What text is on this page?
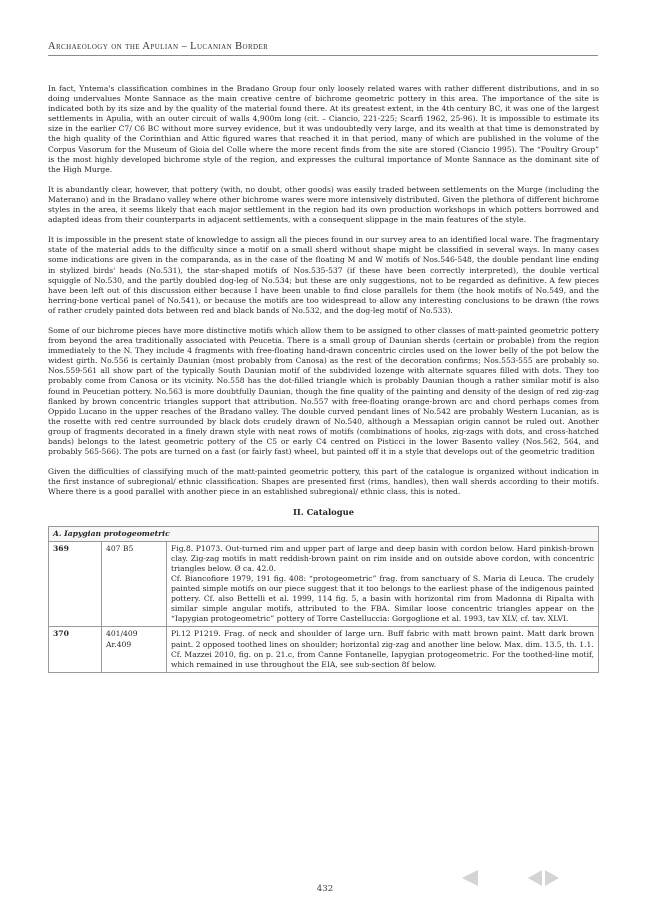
Archaeology on the Apulian – Lucanian Border

In fact, Yntema's classification combines in the Bradano Group four only loosely related wares with rather different distributions, and in so doing undervalues Monte Sannace as the main creative centre of bichrome geometric pottery in this area. The importance of the site is indicated both by its size and by the quality of the material found there. At its greatest extent, in the 4th century BC, it was one of the largest settlements in Apulia, with an outer circuit of walls 4,900m long (cit. – Ciancio, 221-225; Scarfì 1962, 25-96). It is impossible to estimate its size in the earlier C7/ C6 BC without more survey evidence, but it was undoubtedly very large, and its wealth at that time is demonstrated by the high quality of the Corinthian and Attic figured wares that reached it in that period, many of which are published in the volume of the Corpus Vasorum for the Museum of Gioia del Colle where the more recent finds from the site are stored (Ciancio 1995). The “Poultry Group” is the most highly developed bichrome style of the region, and expresses the cultural importance of Monte Sannace as the dominant site of the High Murge.

It is abundantly clear, however, that pottery (with, no doubt, other goods) was easily traded between settlements on the Murge (including the Materano) and in the Bradano valley where other bichrome wares were more intensively distributed. Given the plethora of different bichrome styles in the area, it seems likely that each major settlement in the region had its own production workshops in which potters borrowed and adapted ideas from their counterparts in adjacent settlements, with a consequent slippage in the main features of the style.

It is impossible in the present state of knowledge to assign all the pieces found in our survey area to an identified local ware. The fragmentary state of the material adds to the difficulty since a motif on a small sherd without shape might be classified in several ways. In many cases some indications are given in the comparanda, as in the case of the floating M and W motifs of Nos.546-548, the double pendant line ending in stylized birds' heads (No.531), the star-shaped motifs of Nos.535-537 (if these have been correctly interpreted), the double vertical squiggle of No.530, and the partly doubled dog-leg of No.534; but these are only suggestions, not to be regarded as definitive. A few pieces have been left out of this discussion either because I have been unable to find close parallels for them (the hook motifs of No.549, and the herring-bone vertical panel of No.541), or because the motifs are too widespread to allow any interesting conclusions to be drawn (the rows of rather crudely painted dots between red and black bands of No.532, and the dog-leg motif of No.533).

Some of our bichrome pieces have more distinctive motifs which allow them to be assigned to other classes of matt-painted geometric pottery from beyond the area traditionally associated with Peucetia. There is a small group of Daunian sherds (certain or probable) from the region immediately to the N. They include 4 fragments with free-floating hand-drawn concentric circles used on the lower belly of the pot below the widest girth. No.556 is certainly Daunian (most probably from Canosa) as the rest of the decoration confirms; Nos.553-555 are probably so. Nos.559-561 all show part of the typically South Daunian motif of the subdivided lozenge with alternate squares filled with dots. They too probably come from Canosa or its vicinity. No.558 has the dot-filled triangle which is probably Daunian though a rather similar motif is also found in Peucetian pottery. No.563 is more doubtfully Daunian, though the fine quality of the painting and density of the design of red zig-zag flanked by brown concentric triangles support that attribution. No.557 with free-floating orange-brown arc and chord perhaps comes from Oppido Lucano in the upper reaches of the Bradano valley. The double curved pendant lines of No.542 are probably Western Lucanian, as is the rosette with red centre surrounded by black dots crudely drawn of No.540, although a Messapian origin cannot be ruled out. Another group of fragments decorated in a finely drawn style with neat rows of motifs (combinations of hooks, zig-zags with dots, and cross-hatched bands) belongs to the latest geometric pottery of the C5 or early C4 centred on Pisticci in the lower Basento valley (Nos.562, 564, and probably 565-566). The pots are turned on a fast (or fairly fast) wheel, but painted off it in a style that develops out of the geometric tradition

Given the difficulties of classifying much of the matt-painted geometric pottery, this part of the catalogue is organized without indication in the first instance of subregional/ ethnic classification. Shapes are presented first (rims, handles), then wall sherds according to their motifs. Where there is a good parallel with another piece in an established subregional/ ethnic class, this is noted.

II. Catalogue
A. Iapygian protogeometric		
369	407 B5	Fig.8. P1073. Out-turned rim and upper part of large and deep basin with cordon below. Hard pinkish-brown clay. Zig-zag motifs in matt reddish-brown paint on rim inside and on outside above cordon, with concentric triangles below. Ø ca. 42.0.
Cf. Biancofiore 1979, 191 fig. 408: “protogeometric” frag. from sanctuary of S. Maria di Leuca. The crudely painted simple motifs on our piece suggest that it too belongs to the earliest phase of the indigenous painted pottery. Cf. also Bettelli et al. 1999, 114 fig. 5, a basin with horizontal rim from Madonna di Ripalta with similar simple angular motifs, attributed to the FBA. Similar loose concentric triangles appear on the “Iapygian protogeometric” pottery of Torre Castelluccia: Gorgoglione et al. 1993, tav XLV, cf. tav. XLVI.

370	401/409 Ar.409	Pl.12 P1219. Frag. of neck and shoulder of large urn. Buff fabric with matt brown paint. Matt dark brown paint. 2 opposed toothed lines on shoulder; horizontal zig-zag and another line below. Max. dim. 13.5, th. 1.1.
Cf. Mazzei 2010, fig. on p. 21.c, from Canne Fontanelle, Iapygian protogeometric. For the toothed-line motif, which remained in use throughout the EIA, see sub-section 8f below.
432
